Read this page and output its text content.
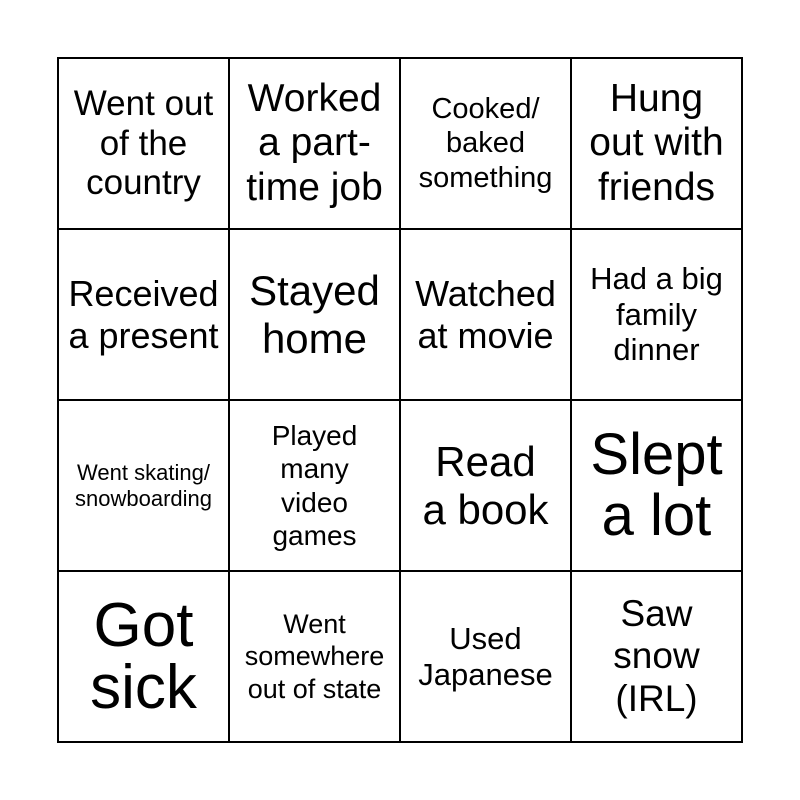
Went out
of the
country
Worked
a part-
time job
Cooked/
baked
something
Hung
out with
friends
Received
a present
Stayed
home
Watched
at movie
Had a big
family
dinner
Went skating/
snowboarding
Played
many
video
games
Read
a book
Slept
a lot
Got
sick
Went
somewhere
out of state
Used
Japanese
Saw
snow
(IRL)
